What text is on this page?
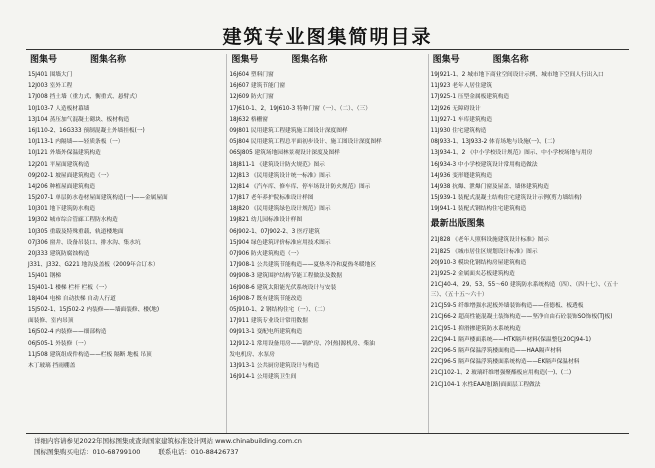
建筑专业图集简明目录
图集号	图集名称
15J401 围墙大门
12J003 室外工程
17J008 挡土墙（重力式、衡重式、悬臂式）
10J103-7 人造板材幕墙
13J104 蒸压加气混凝土砌块、板材构造
16J110-2、16G333 预制混凝土外墙挂板(一)
10J113-1 内隔墙——轻质条板（一）
10J121 外墙外保温建筑构造
12J201 平屋面建筑构造
09J202-1 坡屋面建筑构造（一）
14J206 种植屋面建筑构造
15J207-1 单层防水卷材屋面建筑构造(一)——金属屋面
10J301 地下建筑防水构造
19J302 城市综合管廊工程防水构造
10J305 重载及特殊重载、轨道楼地面
07J306 窗井、设备吊装口、排水沟、集水坑
20J333 建筑防腐蚀构造
J331、J332、G221 地沟及盖板（2009年合订本）
15J401 钢梯
15J401-1 楼梯 栏杆 栏板（一）
18J404 电梯 自动扶梯 自动人行道
15J502-1、15J502-2 内装修——墙面装修、楼(地)
面装修、室内吊顶
16J502-4 内装修——细部构造
06J505-1 外装修（一）
11J508 建筑组成件构造——栏板 隔断 地板 吊顶
木丁玻璃 挡雨棚盖
图集号	图集名称
16J604 塑料门窗
16J607 建筑节能门窗
12J609 防火门窗
17J610-1、2，19J610-3 特种门窗（一）、（二）、（三）
18J632 格栅窗
09J801 民用建筑工程建筑施工图设计深度图样
05J804 民用建筑工程总平面初步设计、施工图设计深度图样
06SJ805 建筑场地园林景观设计深度及图样
18J811-1 《建筑设计防火规范》图示
12J813 《民用建筑设计统一标准》图示
12J814 《汽车库、修车库、停车场设计防火规范》图示
17J817 老年养护院标准设计样图
18J820 《民用建筑绿色设计规范》图示
19J821 幼儿园标准设计样图
06J902-1、07J902-2、3 医疗建筑
15J904 绿色建筑评价标准应用技术图示
07J906 防火建筑构造（一）
17J908-1 公共建筑节能构造——夏热冬冷和夏热冬暖地区
09J908-3 建筑围护结构节能工程做法及数据
16J908-6 建筑太阳能光伏系统设计与安装
16J908-7 既有建筑节能改造
05J910-1、2 钢结构住宅（一）、（二）
17J911 建筑专业设计常用数据
09J913-1 变配电所建筑构造
12J912-1 常用设备用房——锅炉房、冷(热)源机房、柴油
发电机房、水泵房
13J913-1 公共厨房建筑设计与构造
16J914-1 公用建筑卫生间
图集号	图集名称
19J921-1、2 城市地下商业空间设计示例、城市地下空间人行出入口
11J923 老年人居住建筑
17J925-1 压型金属板建筑构造
12J926 无障碍设计
11J927-1 车库建筑构造
11J930 住宅建筑构造
08J933-1、13J933-2 体育场地与设施(一)、(二)
13J934-1、2 《中小学校设计规范》图示、中小学校场地与用房
16J934-3 中小学校建筑设计常用构造做法
14J936 变形缝建筑构造
14J938 抗爆、泄爆门窗及屋盖、墙体建筑构造
15J939-1 装配式混凝土结构住宅建筑设计示例(剪力墙结构)
19J941-1 装配式钢结构住宅建筑构造
最新出版图集
21J828 《老年人照料设施建筑设计标准》图示
21J825 《城市居住区规划设计标准》图示
20J910-3 模块化钢结构房屋建筑构造
21J925-2 金属面夹芯板建筑构造
21CJ40-4、29、53、55～60 建筑防水系统构造（四）、（四十七）、（五十三）、（五十五～六十）
21CJ59-5 纤维增强水泥板外墙装饰构造——佳德板、板透板
21CJ66-2 超高性能混凝土装饰构造——坚净自由石砼装饰SO饰板(TJ板)
21CJ95-1 抑滑掺建筑防水系统构造
22CJ94-1 隔声楼面系统——HTK隔声材料(保温整包20CJ94-1)
22CJ96-5 隔声保温浮筑楼面构造——HAA隔声材料
22CJ96-5 隔声保温浮筑楼面系统构造——EK隔声保温材料
21CJ102-1、2 玻璃纤维增强聚酯板应用构造(一)、(二)
21CJ104-1 水性EAA地(路)面面层工程做法
详细内容请参见2022年国标图集或查询国家建筑标准设计网站 www.chinabuilding.com.cn
国标图集购买电话：010-68799100	联系电话：010-88426737
